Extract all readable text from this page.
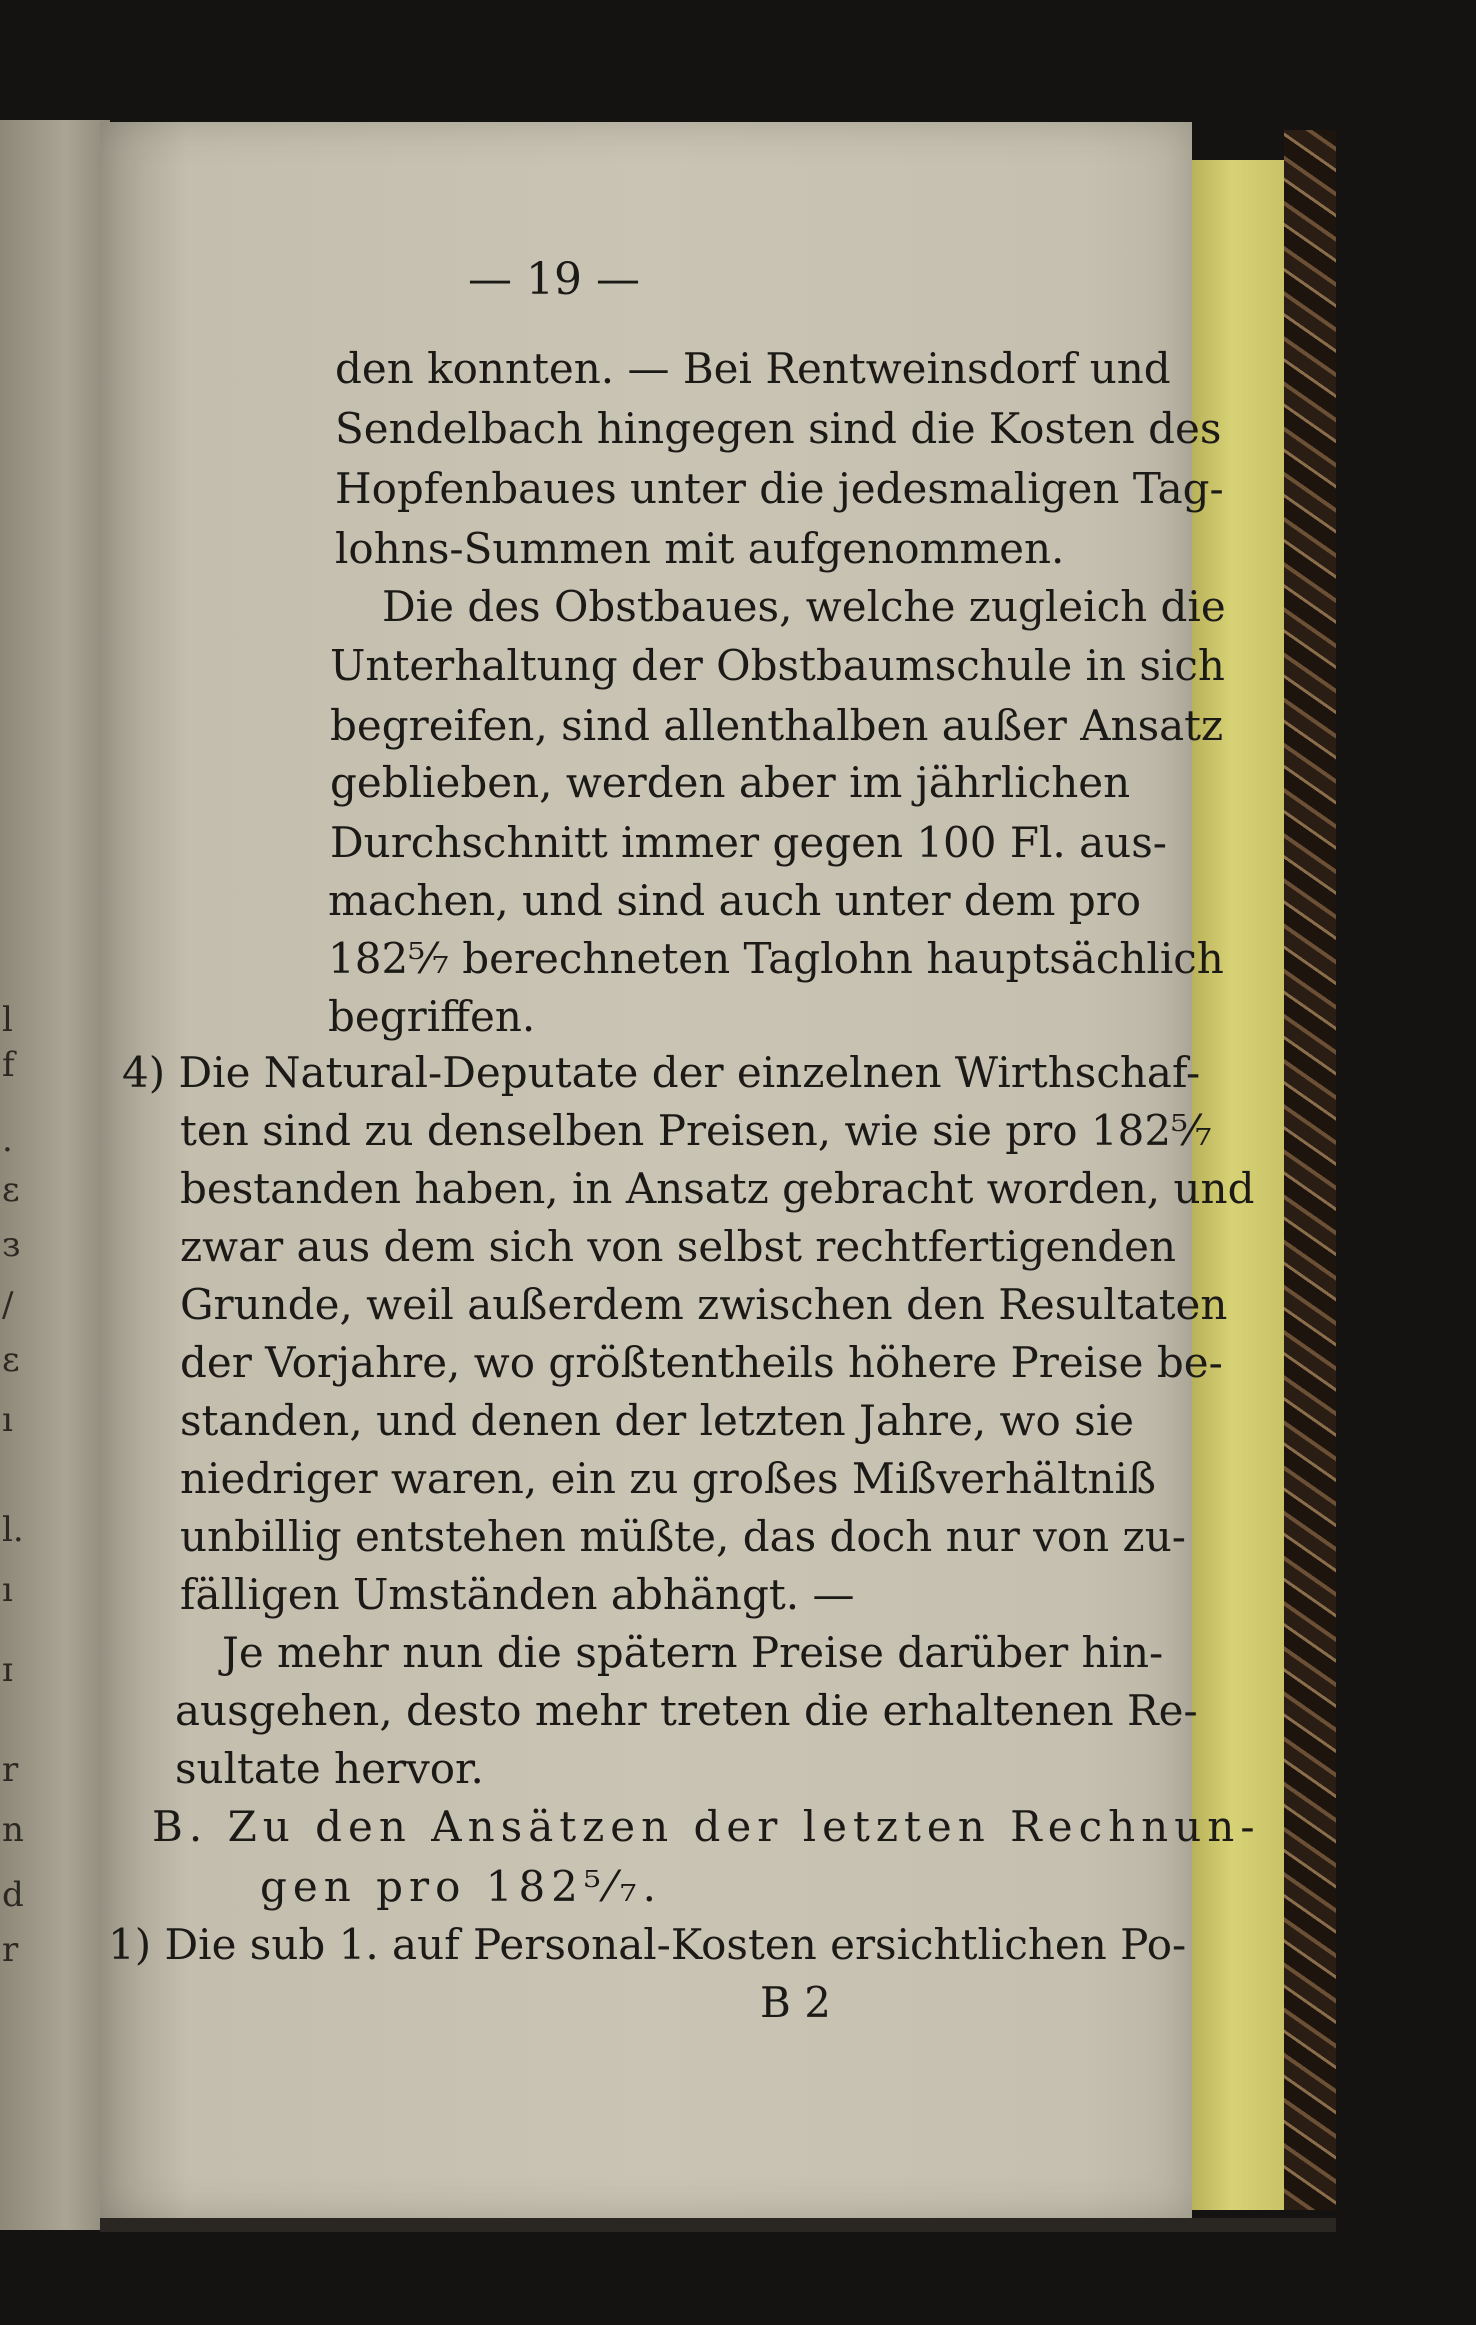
l
f
.
ɛ
з
/
ɛ
ı
l.
ı
ɪ
r
n
d
r
— 19 —
den konnten. — Bei Rentweinsdorf und
Sendelbach hingegen sind die Kosten des
Hopfenbaues unter die jedesmaligen Tag-
lohns-Summen mit aufgenommen.
Die des Obstbaues, welche zugleich die
Unterhaltung der Obstbaumschule in sich
begreifen, sind allenthalben außer Ansatz
geblieben, werden aber im jährlichen
Durchschnitt immer gegen 100 Fl. aus-
machen, und sind auch unter dem pro
182⁵⁄₇ berechneten Taglohn hauptsächlich
begriffen.
4) Die Natural-Deputate der einzelnen Wirthschaf-
ten sind zu denselben Preisen, wie sie pro 182⁵⁄₇
bestanden haben, in Ansatz gebracht worden, und
zwar aus dem sich von selbst rechtfertigenden
Grunde, weil außerdem zwischen den Resultaten
der Vorjahre, wo größtentheils höhere Preise be-
standen, und denen der letzten Jahre, wo sie
niedriger waren, ein zu großes Mißverhältniß
unbillig entstehen müßte, das doch nur von zu-
fälligen Umständen abhängt. —
Je mehr nun die spätern Preise darüber hin-
ausgehen, desto mehr treten die erhaltenen Re-
sultate hervor.
B. Zu den Ansätzen der letzten Rechnun-
gen pro 182⁵⁄₇.
1) Die sub 1. auf Personal-Kosten ersichtlichen Po-
B 2
